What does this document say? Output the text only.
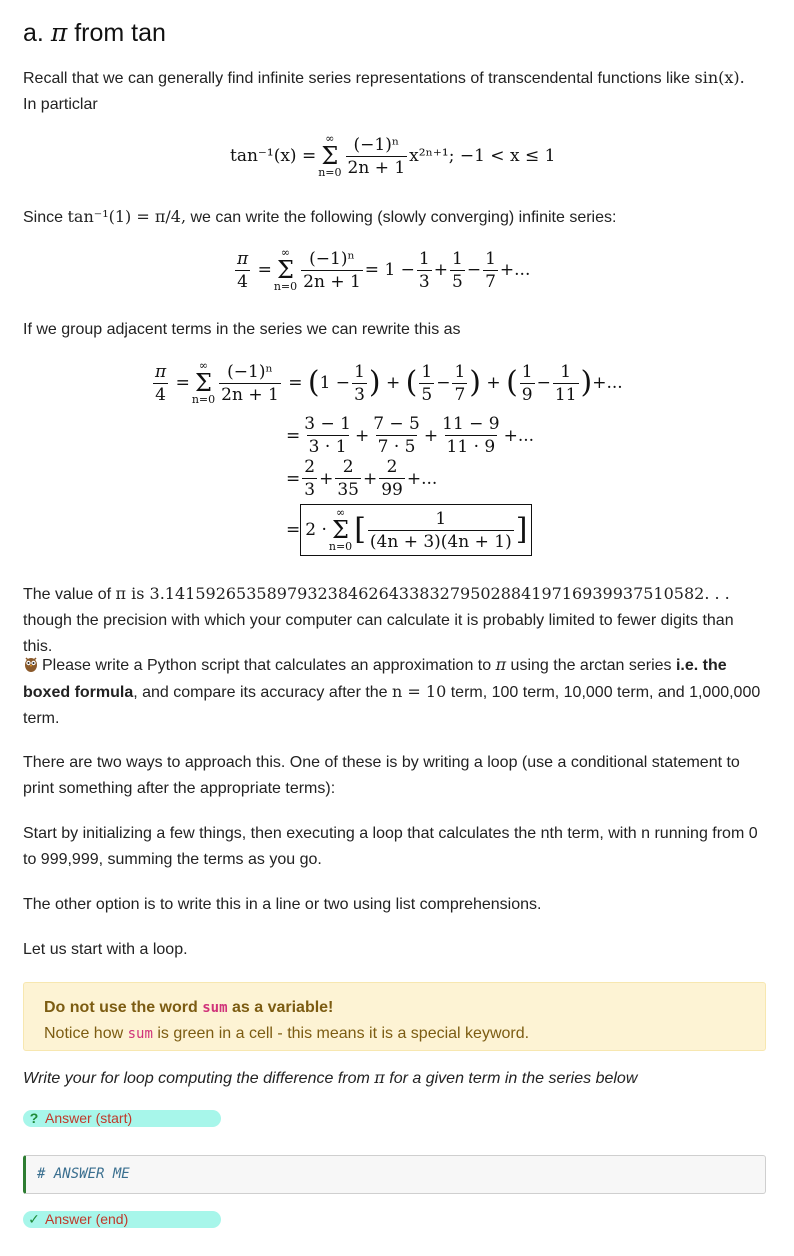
a. π from tan

Recall that we can generally find infinite series representations of transcendental functions like sin(x).
In particlar

tan⁻¹(x) =
∞
Σ
$n=0 \frac{\text{(−1)ⁿ}}{2n + 1} x^{2n+1}$; −1 < x ≤ 1

Since tan⁻¹(1) = π/4, we can write the following (slowly converging) infinite series:

$\frac{\pi}{4}$ =
∞
Σ
$n=0 \frac{\text{(−1)ⁿ}}{2n + 1} = 1 - \frac{1}{3} + \frac{1}{5} - \frac{1}{7}$ +...

If we group adjacent terms in the series we can rewrite this as

$\frac{\pi}{4}$ =
∞
Σ
$n=0 \frac{\text{(−1)ⁿ}}{2n + 1}$ = ( $1 - \frac{1}{3}$ ) + ( $\frac{1}{5} - \frac{1}{7}$ ) + ( $\frac{1}{9} - \frac{1}{11}$ ) +...
= $\frac{3 - 1}{3 \cdot 1} + \frac{7 - 5}{7 \cdot 5} + \frac{11 - 9}{11 \cdot 9}$ +...
= $\frac{2}{3} + \frac{2}{35} + \frac{2}{99}$ +...
= 2 ·
∞
Σ
n=0 [ $\frac{1}{(4n + 3)(4n + 1)}$ ]

The value of π is 3.14159265358979323846264338327950288419716939937510582. . . though the precision with which your computer can calculate it is probably limited to fewer digits than this.

Please write a Python script that calculates an approximation to π using the arctan series i.e. the boxed formula, and compare its accuracy after the n = 10 term, 100 term, 10,000 term, and 1,000,000 term.

There are two ways to approach this. One of these is by writing a loop (use a conditional statement to print something after the appropriate terms):

Start by initializing a few things, then executing a loop that calculates the nth term, with n running from 0 to 999,999, summing the terms as you go.

The other option is to write this in a line or two using list comprehensions.

Let us start with a loop.

Do not use the word sum as a variable!
Notice how sum is green in a cell - this means it is a special keyword.

Write your for loop computing the difference from π for a given term in the series below

? Answer (start)
# ANSWER ME
✓ Answer (end)
